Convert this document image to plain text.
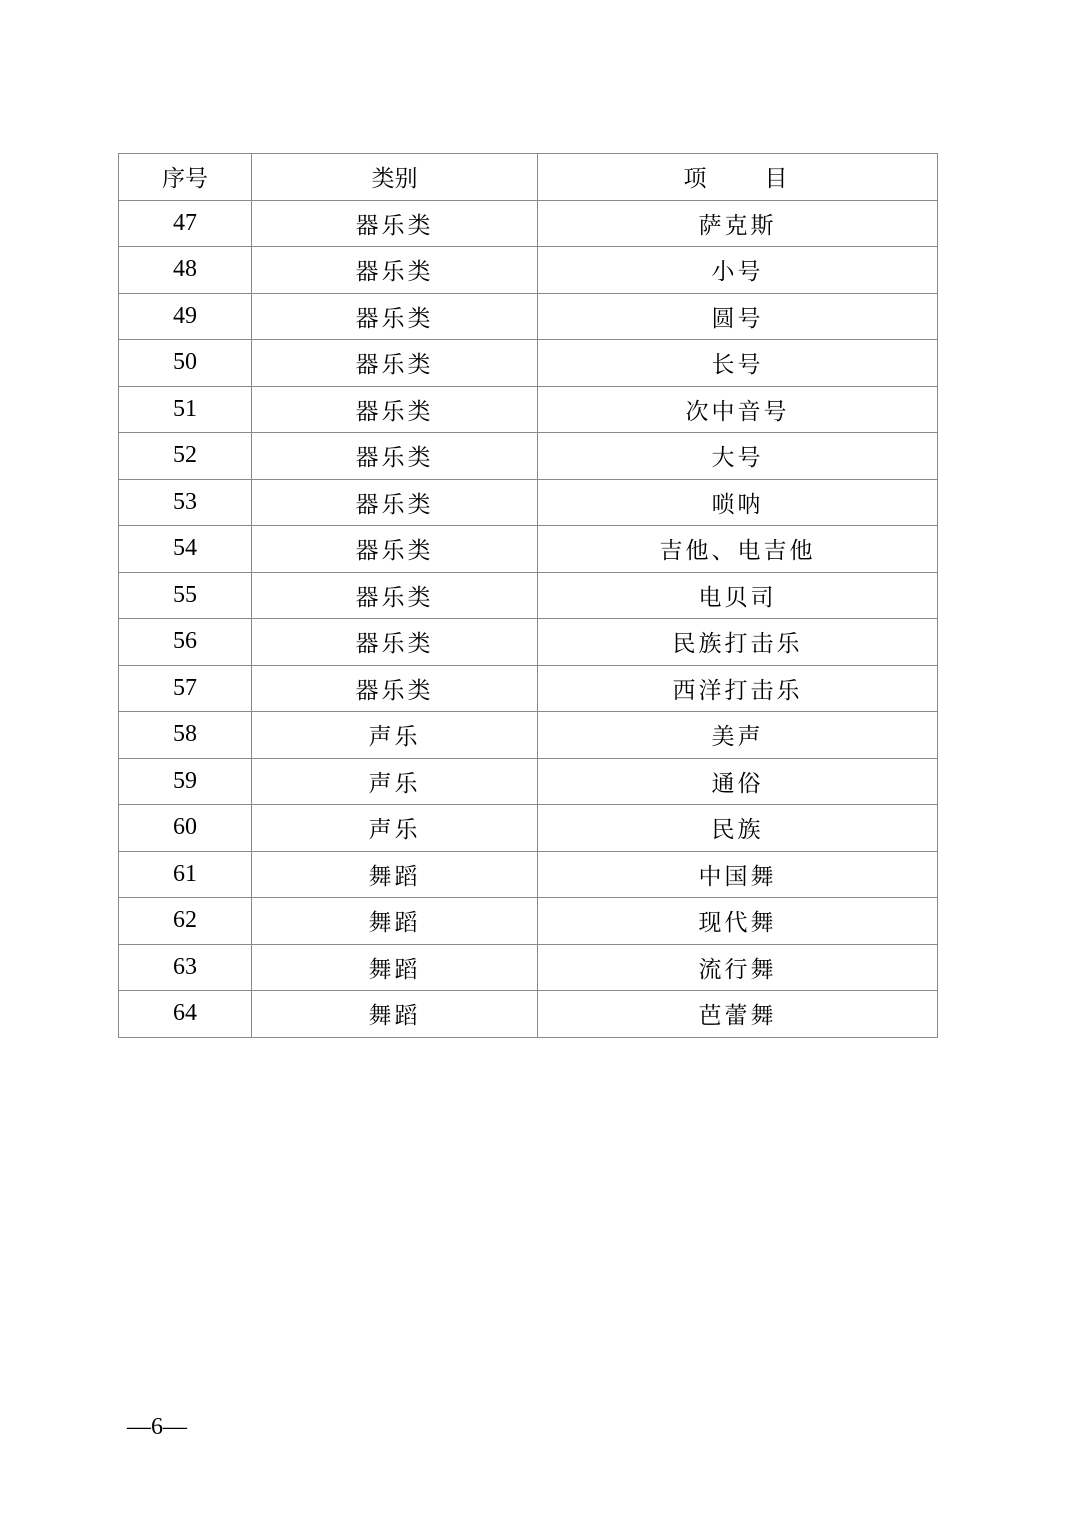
序号	类别	项　　目
47	器乐类	萨克斯
48	器乐类	小号
49	器乐类	圆号
50	器乐类	长号
51	器乐类	次中音号
52	器乐类	大号
53	器乐类	唢呐
54	器乐类	吉他、电吉他
55	器乐类	电贝司
56	器乐类	民族打击乐
57	器乐类	西洋打击乐
58	声乐	美声
59	声乐	通俗
60	声乐	民族
61	舞蹈	中国舞
62	舞蹈	现代舞
63	舞蹈	流行舞
64	舞蹈	芭蕾舞
—6—
